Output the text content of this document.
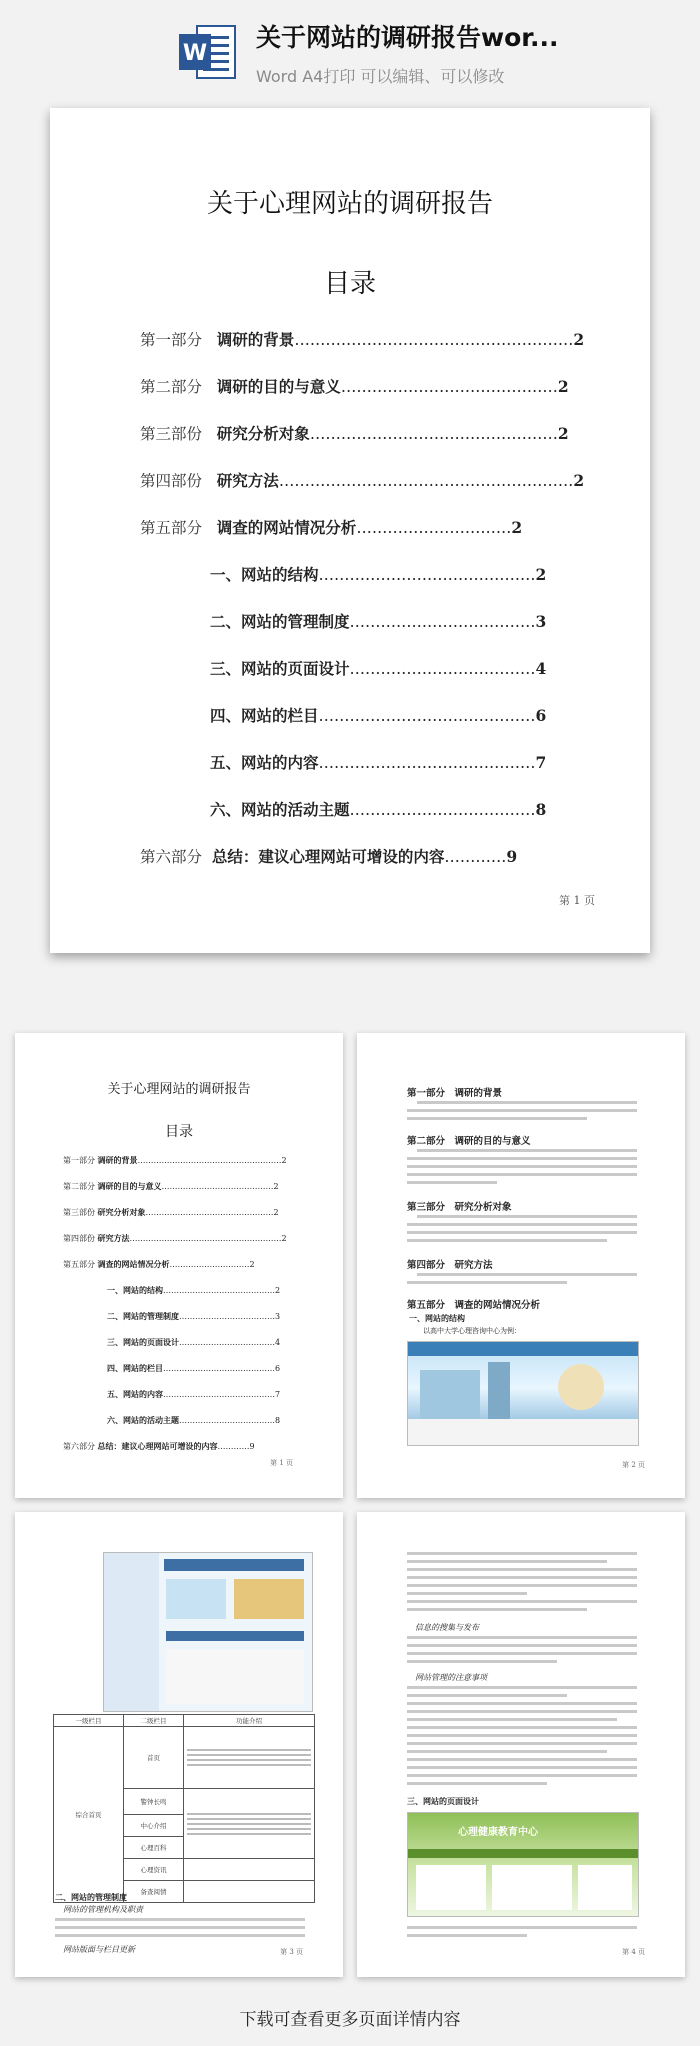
W
关于网站的调研报告wor...
Word A4打印 可以编辑、可以修改
关于心理网站的调研报告
目录
第一部分 调研的背景………………………………………………2
第二部分 调研的目的与意义……………………………………2
第三部份 研究分析对象…………………………………………2
第四部份 研究方法…………………………………………………2
第五部分 调查的网站情况分析…………………………2
一、网站的结构……………………………………2
二、网站的管理制度………………………………3
三、网站的页面设计………………………………4
四、网站的栏目……………………………………6
五、网站的内容……………………………………7
六、网站的活动主题………………………………8
第六部分 总结：建议心理网站可增设的内容…………9
第 1 页
关于心理网站的调研报告
目录
第一部分 调研的背景………………………………………………2
第二部分 调研的目的与意义……………………………………2
第三部份 研究分析对象…………………………………………2
第四部份 研究方法…………………………………………………2
第五部分 调查的网站情况分析…………………………2
一、网站的结构……………………………………2
二、网站的管理制度………………………………3
三、网站的页面设计………………………………4
四、网站的栏目……………………………………6
五、网站的内容……………………………………7
六、网站的活动主题………………………………8
第六部分 总结：建议心理网站可增设的内容…………9
第 1 页
第一部分　调研的背景
第二部分　调研的目的与意义
第三部分　研究分析对象
第四部分　研究方法
第五部分　调查的网站情况分析
一、网站的结构
以高中大学心理咨询中心为例：
第 2 页
一级栏目	二级栏目	功能介绍
综合首页	首页	

	警钟长鸣	

	中心介绍	
	心理百科	
	心理资讯	
	备查阅情	
二、网站的管理制度
网站的管理机构及职责
网站版面与栏目更新	第 3 页
信息的搜集与发布
网站管理的注意事项
三、网站的页面设计
心理健康教育中心
第 4 页
下载可查看更多页面详情内容
